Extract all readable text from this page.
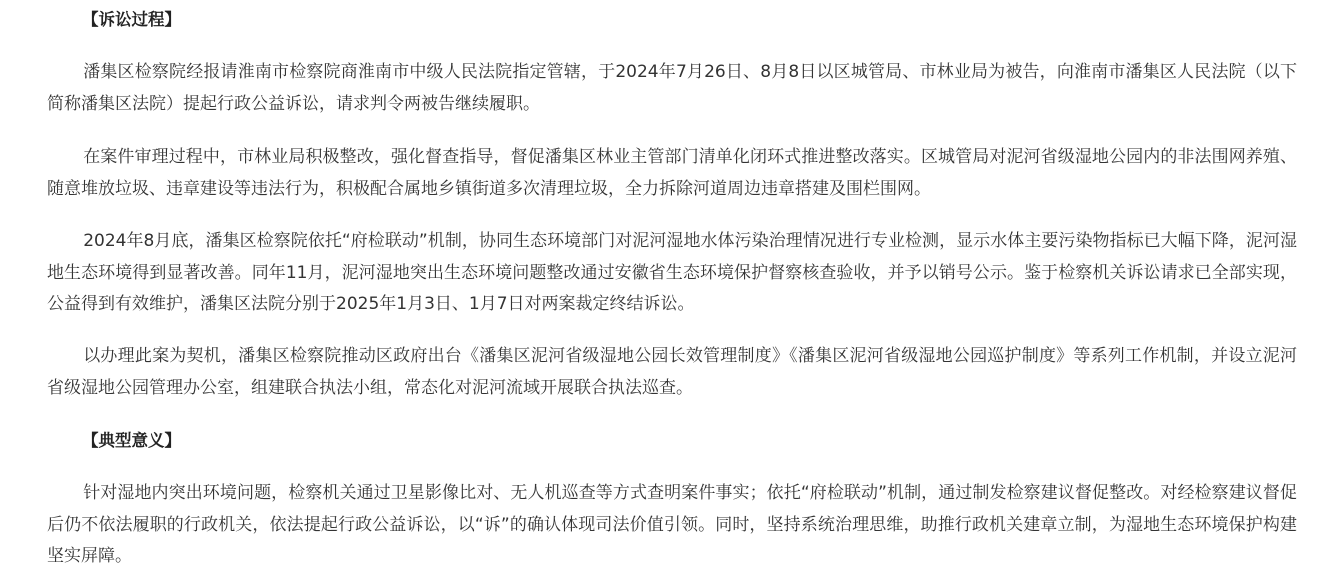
【诉讼过程】

潘集区检察院经报请淮南市检察院商淮南市中级人民法院指定管辖，于2024年7月26日、8月8日以区城管局、市林业局为被告，向淮南市潘集区人民法院（以下简称潘集区法院）提起行政公益诉讼，请求判令两被告继续履职。

在案件审理过程中，市林业局积极整改，强化督查指导，督促潘集区林业主管部门清单化闭环式推进整改落实。区城管局对泥河省级湿地公园内的非法围网养殖、随意堆放垃圾、违章建设等违法行为，积极配合属地乡镇街道多次清理垃圾，全力拆除河道周边违章搭建及围栏围网。

2024年8月底，潘集区检察院依托“府检联动”机制，协同生态环境部门对泥河湿地水体污染治理情况进行专业检测，显示水体主要污染物指标已大幅下降，泥河湿地生态环境得到显著改善。同年11月，泥河湿地突出生态环境问题整改通过安徽省生态环境保护督察核查验收，并予以销号公示。鉴于检察机关诉讼请求已全部实现，公益得到有效维护，潘集区法院分别于2025年1月3日、1月7日对两案裁定终结诉讼。

以办理此案为契机，潘集区检察院推动区政府出台《潘集区泥河省级湿地公园长效管理制度》《潘集区泥河省级湿地公园巡护制度》等系列工作机制，并设立泥河省级湿地公园管理办公室，组建联合执法小组，常态化对泥河流域开展联合执法巡查。

【典型意义】

针对湿地内突出环境问题，检察机关通过卫星影像比对、无人机巡查等方式查明案件事实；依托“府检联动”机制，通过制发检察建议督促整改。对经检察建议督促后仍不依法履职的行政机关，依法提起行政公益诉讼，以“诉”的确认体现司法价值引领。同时，坚持系统治理思维，助推行政机关建章立制，为湿地生态环境保护构建坚实屏障。
